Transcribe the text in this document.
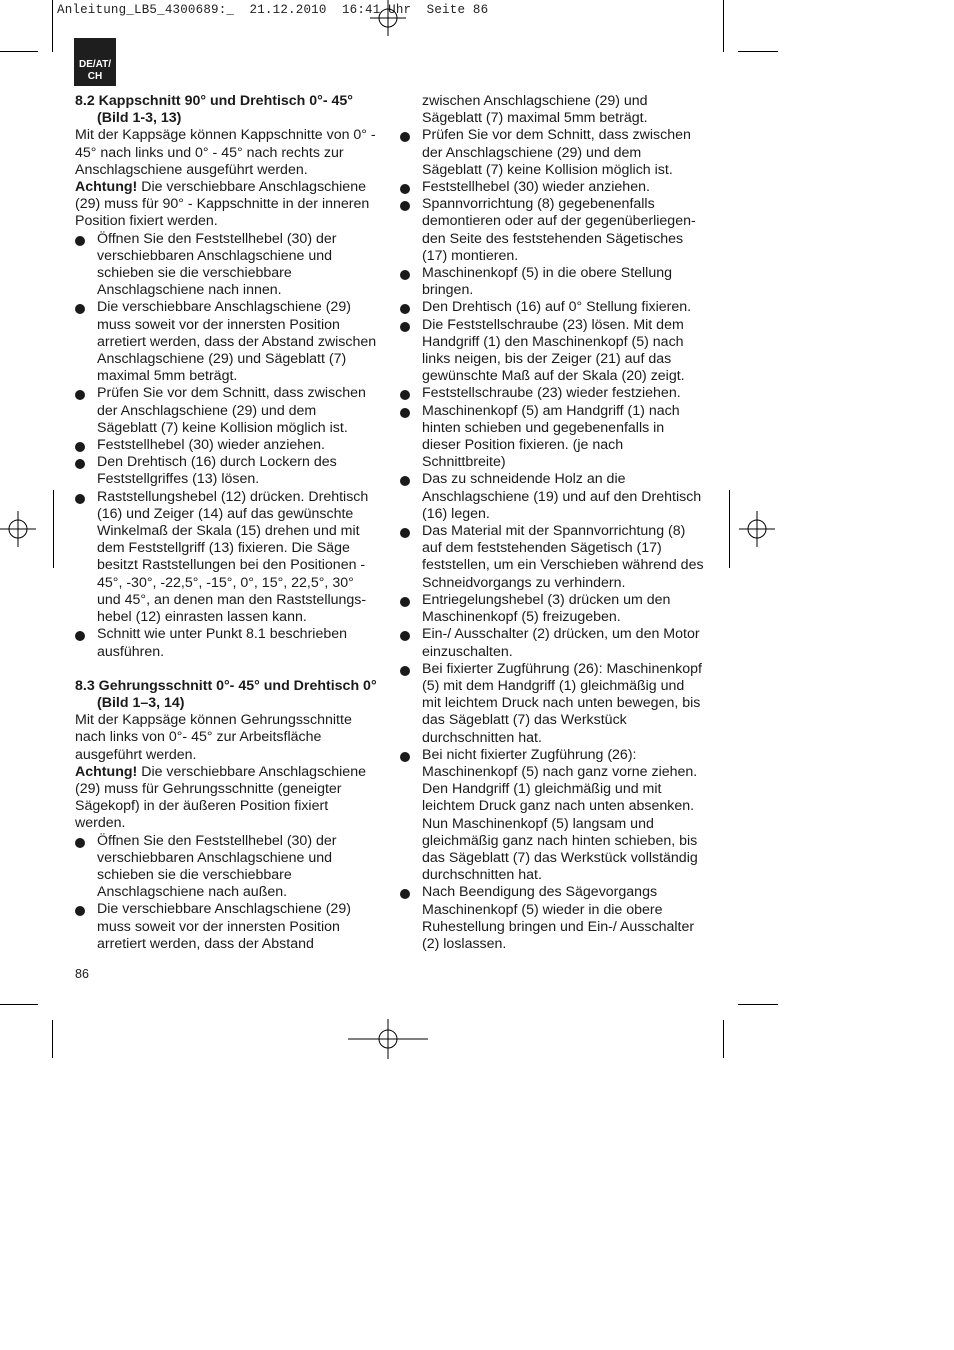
Anleitung_LB5_4300689:_  21.12.2010  16:41 Uhr  Seite 86
DE/AT/
CH
8.2 Kappschnitt 90° und Drehtisch 0°- 45° (Bild 1-3, 13)

Mit der Kappsäge können Kappschnitte von 0° - 45° nach links und 0° - 45° nach rechts zur Anschlagschiene ausgeführt werden.

Achtung! Die verschiebbare Anschlagschiene (29) muss für 90° - Kappschnitte in der inneren Position fixiert werden.

Öffnen Sie den Feststellhebel (30) der verschiebbaren Anschlagschiene und schieben sie die verschiebbare Anschlagschiene nach innen.
Die verschiebbare Anschlagschiene (29) muss soweit vor der innersten Position arretiert werden, dass der Abstand zwischen Anschlagschiene (29) und Sägeblatt (7) maximal 5mm beträgt.
Prüfen Sie vor dem Schnitt, dass zwischen der Anschlagschiene (29) und dem Sägeblatt (7) keine Kollision möglich ist.
Feststellhebel (30) wieder anziehen.
Den Drehtisch (16) durch Lockern des Feststellgriffes (13) lösen.
Raststellungshebel (12) drücken. Drehtisch (16) und Zeiger (14) auf das gewünschte Winkelmaß der Skala (15) drehen und mit dem Feststellgriff (13) fixieren. Die Säge besitzt Raststellungen bei den Positionen - 45°, -30°, -22,5°, -15°, 0°, 15°, 22,5°, 30° und 45°, an denen man den Raststellungs-hebel (12) einrasten lassen kann.
Schnitt wie unter Punkt 8.1 beschrieben ausführen.
8.3 Gehrungsschnitt 0°- 45° und Drehtisch 0° (Bild 1–3, 14)

Mit der Kappsäge können Gehrungsschnitte nach links von 0°- 45° zur Arbeitsfläche ausgeführt werden.

Achtung! Die verschiebbare Anschlagschiene (29) muss für Gehrungsschnitte (geneigter Sägekopf) in der äußeren Position fixiert werden.

Öffnen Sie den Feststellhebel (30) der verschiebbaren Anschlagschiene und schieben sie die verschiebbare Anschlagschiene nach außen.
Die verschiebbare Anschlagschiene (29) muss soweit vor der innersten Position arretiert werden, dass der Abstand
zwischen Anschlagschiene (29) und Sägeblatt (7) maximal 5mm beträgt.
Prüfen Sie vor dem Schnitt, dass zwischen der Anschlagschiene (29) und dem Sägeblatt (7) keine Kollision möglich ist.
Feststellhebel (30) wieder anziehen.
Spannvorrichtung (8) gegebenenfalls demontieren oder auf der gegenüberliegen-den Seite des feststehenden Sägetisches (17) montieren.
Maschinenkopf (5) in die obere Stellung bringen.
Den Drehtisch (16) auf 0° Stellung fixieren.
Die Feststellschraube (23) lösen. Mit dem Handgriff (1) den Maschinenkopf (5) nach links neigen, bis der Zeiger (21) auf das gewünschte Maß auf der Skala (20) zeigt.
Feststellschraube (23) wieder festziehen.
Maschinenkopf (5) am Handgriff (1) nach hinten schieben und gegebenenfalls in dieser Position fixieren. (je nach Schnittbreite)
Das zu schneidende Holz an die Anschlagschiene (19) und auf den Drehtisch (16) legen.
Das Material mit der Spannvorrichtung (8) auf dem feststehenden Sägetisch (17) feststellen, um ein Verschieben während des Schneidvorgangs zu verhindern.
Entriegelungshebel (3) drücken um den Maschinenkopf (5) freizugeben.
Ein-/ Ausschalter (2) drücken, um den Motor einzuschalten.
Bei fixierter Zugführung (26): Maschinenkopf (5) mit dem Handgriff (1) gleichmäßig und mit leichtem Druck nach unten bewegen, bis das Sägeblatt (7) das Werkstück durchschnitten hat.
Bei nicht fixierter Zugführung (26): Maschinenkopf (5) nach ganz vorne ziehen. Den Handgriff (1) gleichmäßig und mit leichtem Druck ganz nach unten absenken. Nun Maschinenkopf (5) langsam und gleichmäßig ganz nach hinten schieben, bis das Sägeblatt (7) das Werkstück vollständig durchschnitten hat.
Nach Beendigung des Sägevorgangs Maschinenkopf (5) wieder in die obere Ruhestellung bringen und Ein-/ Ausschalter (2) loslassen.
86
